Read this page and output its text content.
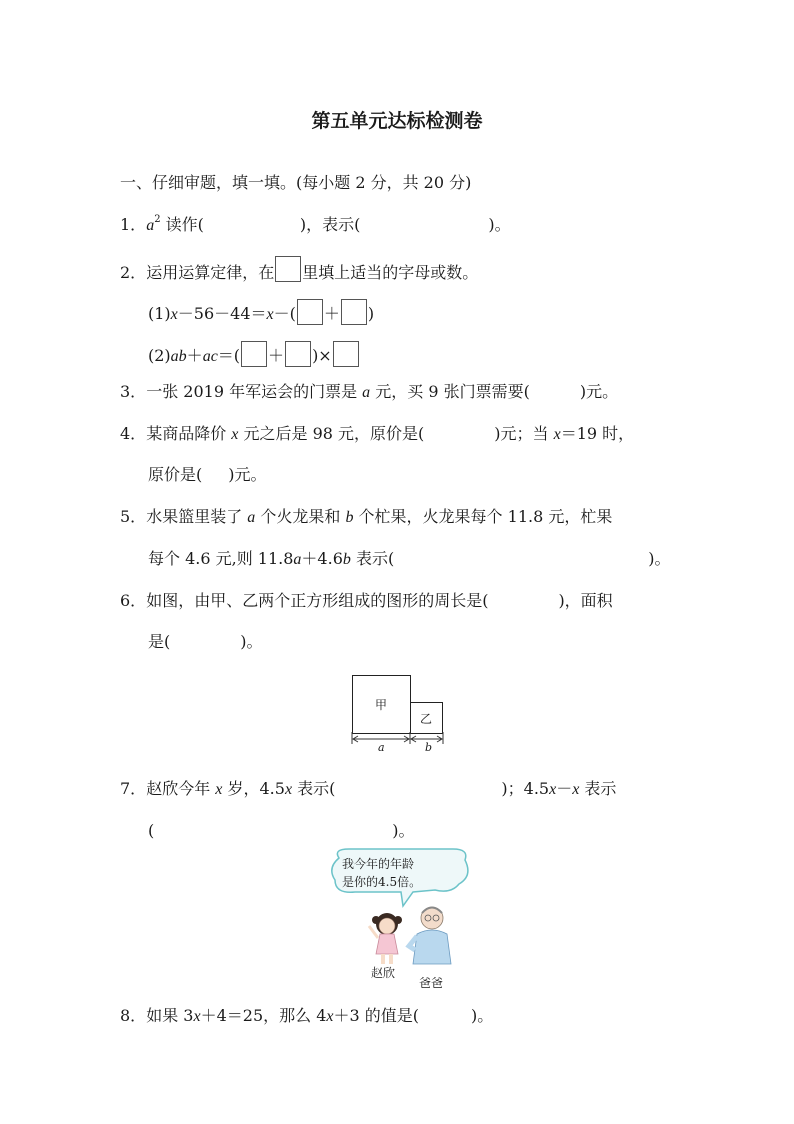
第五单元达标检测卷
一、仔细审题，填一填。(每小题 2 分，共 20 分)
1．$a^2$ 读作(	)，表示(	)。
2．运用运算定律，在 里填上适当的字母或数。
(1)x－56－44＝x－( ＋ )
(2)ab＋ac＝( ＋ )×
3．一张 2019 年军运会的门票是 a 元，买 9 张门票需要(	)元。
4．某商品降价 x 元之后是 98 元，原价是(	)元；当 x＝19 时，
原价是( )元。
5．水果篮里装了 a 个火龙果和 b 个杧果，火龙果每个 11.8 元，杧果
每个 4.6 元,则 11.8a＋4.6b 表示(	)。
6．如图，由甲、乙两个正方形组成的图形的周长是(	)，面积
是(	)。
甲
乙
a	b
7．赵欣今年 x 岁，4.5x 表示(	)；4.5x－x 表示
(	)。
我今年的年龄
是你的4.5倍。
赵欣
爸爸
8．如果 3x＋4＝25，那么 4x＋3 的值是(	)。
